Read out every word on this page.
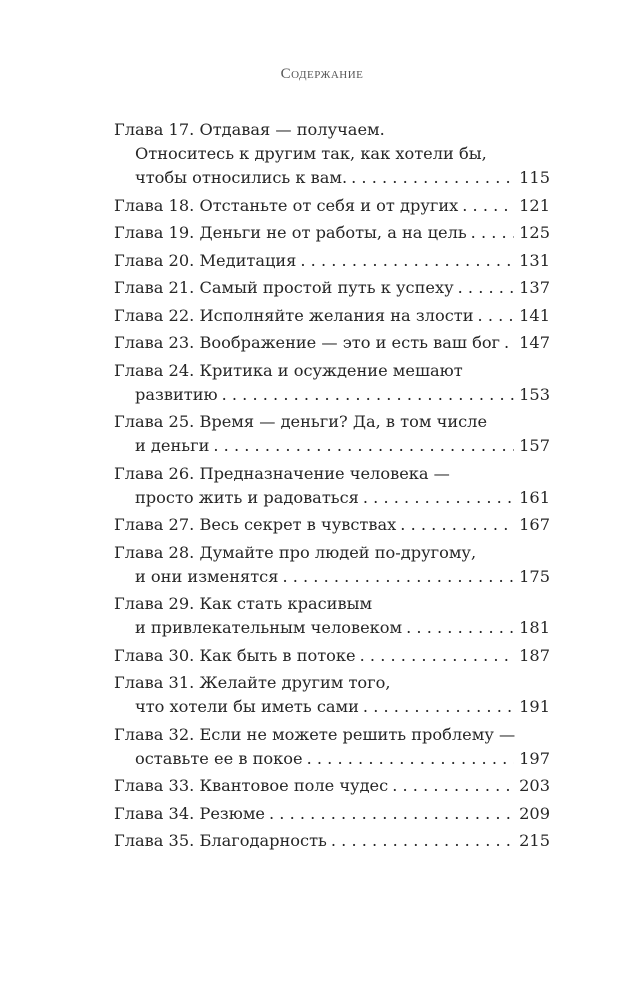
Содержание
Глава 17. Отдавая — получаем.
Относитесь к другим так, как хотели бы,
чтобы относились к вам. . . .	115
Глава 18. Отстаньте от себя и от других . . .	121
Глава 19. Деньги не от работы, а на цель . . .	125
Глава 20. Медитация . . .	131
Глава 21. Самый простой путь к успеху . . .	137
Глава 22. Исполняйте желания на злости . . .	141
Глава 23. Воображение — это и есть ваш бог . . . 147
Глава 24. Критика и осуждение мешают
развитию . . .	153
Глава 25. Время — деньги? Да, в том числе
и деньги . . .	157
Глава 26. Предназначение человека —
просто жить и радоваться . . .	161
Глава 27. Весь секрет в чувствах . . .	167
Глава 28. Думайте про людей по-другому,
и они изменятся . . .	175
Глава 29. Как стать красивым
и привлекательным человеком . . .	181
Глава 30. Как быть в потоке . . .	187
Глава 31. Желайте другим того,
что хотели бы иметь сами . . .	191
Глава 32. Если не можете решить проблему —
оставьте ее в покое . . .	197
Глава 33. Квантовое поле чудес . . .	203
Глава 34. Резюме . . .	209
Глава 35. Благодарность . . .	215
